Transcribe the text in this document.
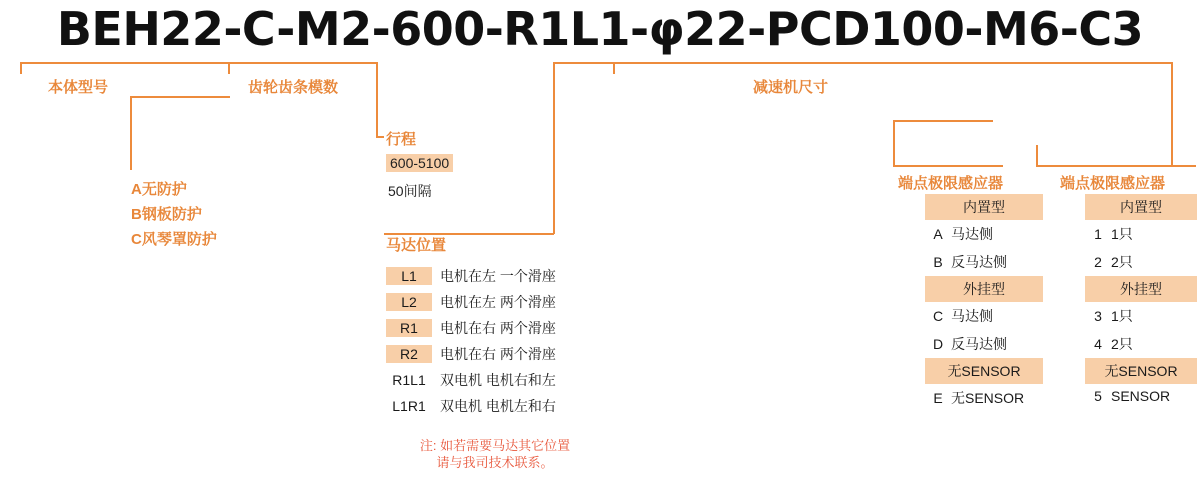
BEH22-C-M2-600-R1L1-φ22-PCD100-M6-C3
本体型号	齿轮齿条模数	减速机尺寸
A无防护
B钢板防护
C风琴罩防护
行程
600-5100
50间隔
马达位置
L1 电机在左 一个滑座
L2 电机在左 两个滑座
R1 电机在右 两个滑座
R2 电机在右 两个滑座
R1L1 双电机 电机右和左
L1R1 双电机 电机左和右
注: 如若需要马达其它位置
请与我司技术联系。
端点极限感应器
内置型
A 马达侧
B 反马达侧
外挂型
C 马达侧
D 反马达侧
无SENSOR
E 无SENSOR
端点极限感应器
内置型
1 1只
2 2只
外挂型
3 1只
4 2只
无SENSOR
5 SENSOR
